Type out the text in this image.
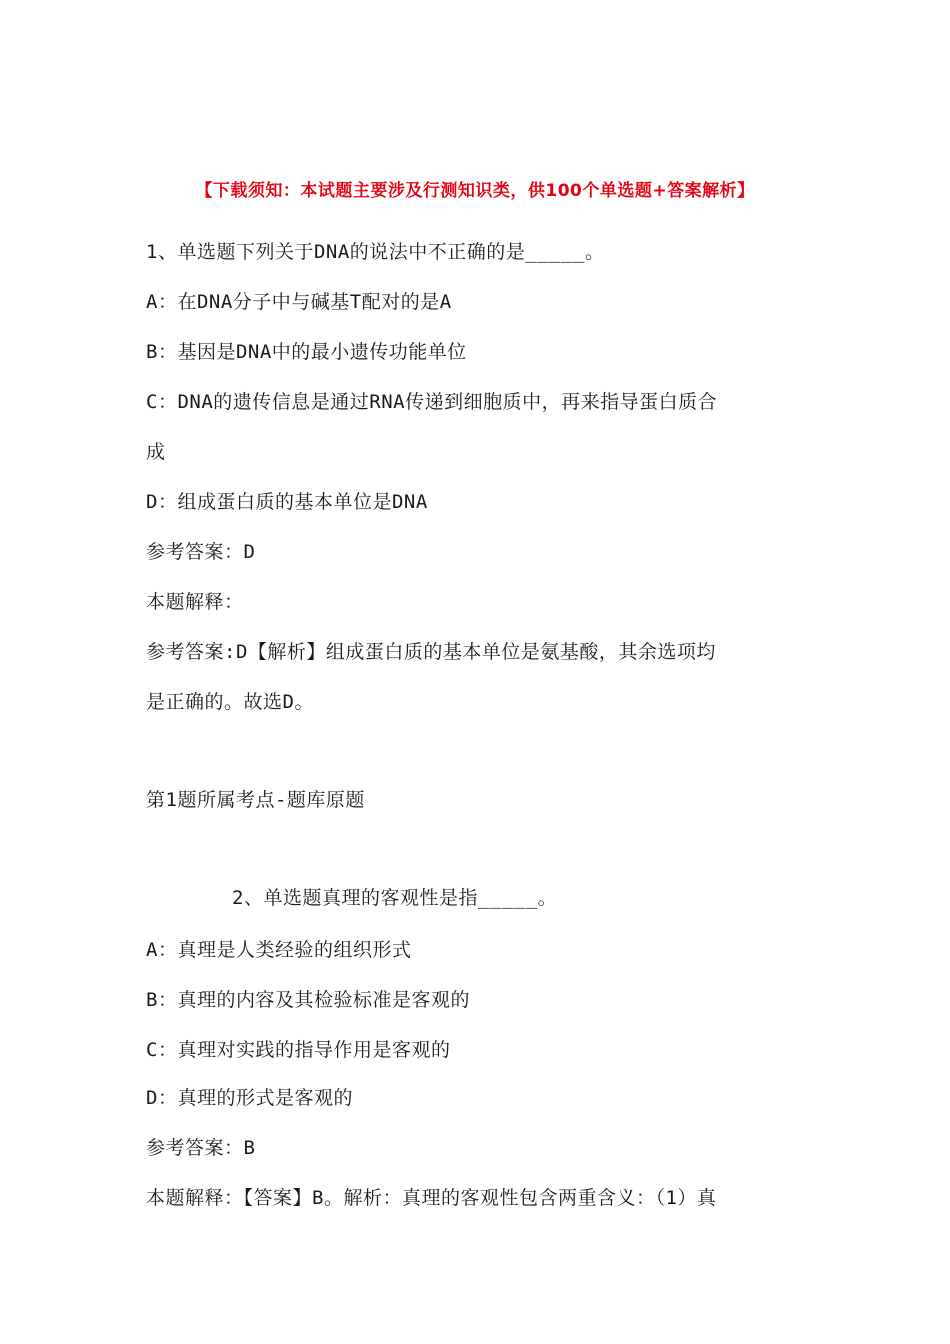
【下载须知：本试题主要涉及行测知识类，供100个单选题+答案解析】
1、单选题下列关于DNA的说法中不正确的是_____。
A：在DNA分子中与碱基T配对的是A
B：基因是DNA中的最小遗传功能单位
C：DNA的遗传信息是通过RNA传递到细胞质中，再来指导蛋白质合
成
D：组成蛋白质的基本单位是DNA
参考答案：D
本题解释：
参考答案:D【解析】组成蛋白质的基本单位是氨基酸，其余选项均
是正确的。故选D。
第1题所属考点-题库原题
2、单选题真理的客观性是指_____。
A：真理是人类经验的组织形式
B：真理的内容及其检验标准是客观的
C：真理对实践的指导作用是客观的
D：真理的形式是客观的
参考答案：B
本题解释：【答案】B。解析：真理的客观性包含两重含义：（1）真
